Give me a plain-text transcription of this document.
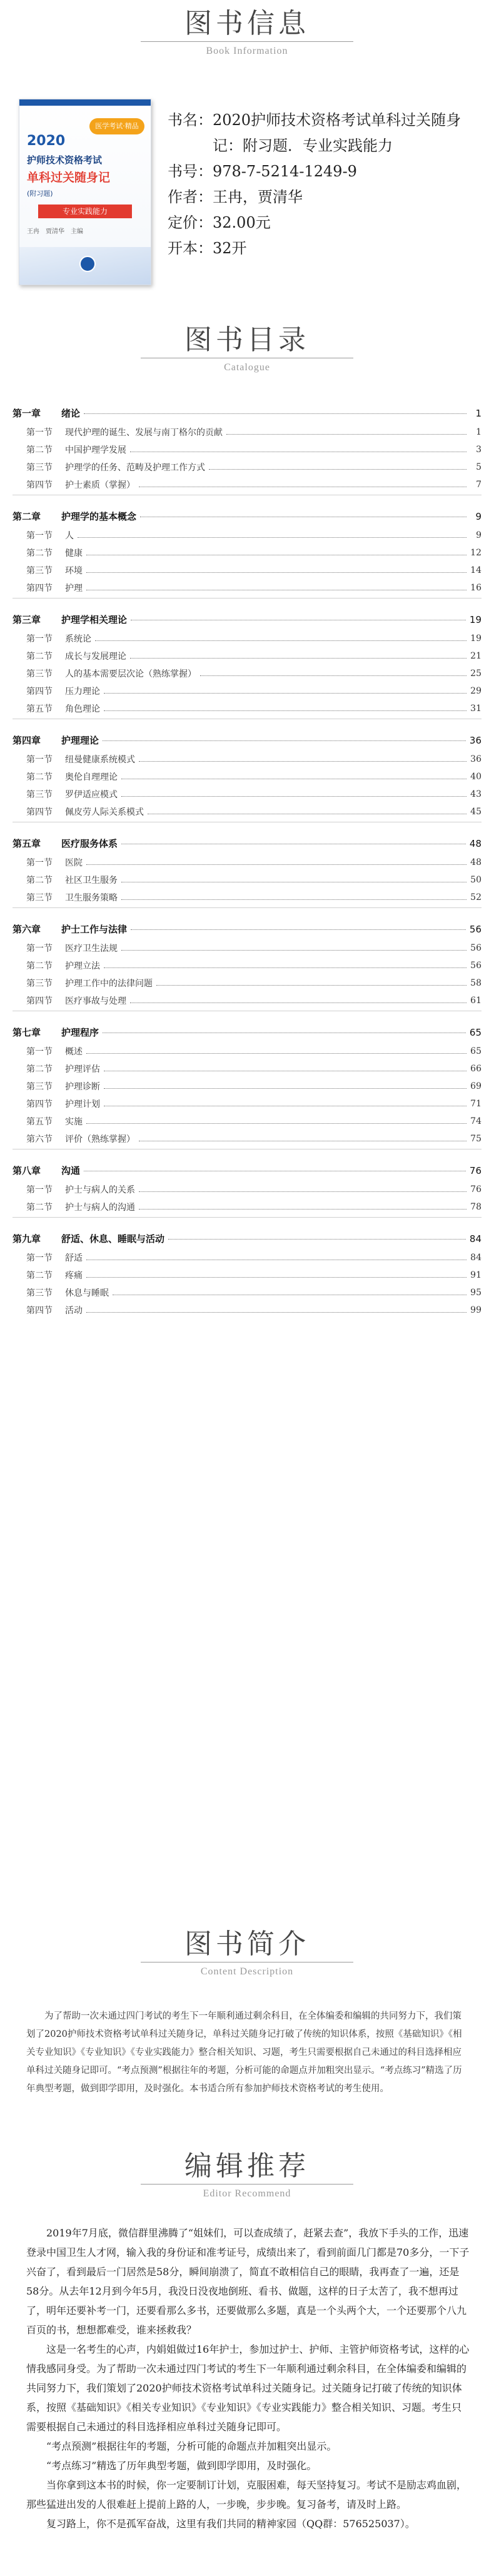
图书信息
Book Information
医学考试·精品
2020
护师技术资格考试
单科过关随身记
(附习题)
专业实践能力
王冉　贾清华　主编
书名： 2020护师技术资格考试单科过关随身记：附习题．专业实践能力
书号： 978-7-5214-1249-9
作者： 王冉，贾清华
定价： 32.00元
开本： 32开
图书目录
Catalogue
第一章	绪论	1
第一节	现代护理的诞生、发展与南丁格尔的贡献	1
第二节	中国护理学发展	3
第三节	护理学的任务、范畴及护理工作方式	5
第四节	护士素质（掌握）	7
第二章	护理学的基本概念	9
第一节	人	9
第二节	健康	12
第三节	环境	14
第四节	护理	16
第三章	护理学相关理论	19
第一节	系统论	19
第二节	成长与发展理论	21
第三节	人的基本需要层次论（熟练掌握）	25
第四节	压力理论	29
第五节	角色理论	31
第四章	护理理论	36
第一节	纽曼健康系统模式	36
第二节	奥伦自理理论	40
第三节	罗伊适应模式	43
第四节	佩皮劳人际关系模式	45
第五章	医疗服务体系	48
第一节	医院	48
第二节	社区卫生服务	50
第三节	卫生服务策略	52
第六章	护士工作与法律	56
第一节	医疗卫生法规	56
第二节	护理立法	56
第三节	护理工作中的法律问题	58
第四节	医疗事故与处理	61
第七章	护理程序	65
第一节	概述	65
第二节	护理评估	66
第三节	护理诊断	69
第四节	护理计划	71
第五节	实施	74
第六节	评价（熟练掌握）	75
第八章	沟通	76
第一节	护士与病人的关系	76
第二节	护士与病人的沟通	78
第九章	舒适、休息、睡眠与活动	84
第一节	舒适	84
第二节	疼痛	91
第三节	休息与睡眠	95
第四节	活动	99
图书简介
Content Description

为了帮助一次未通过四门考试的考生下一年顺利通过剩余科目，在全体编委和编辑的共同努力下，我们策划了2020护师技术资格考试单科过关随身记，单科过关随身记打破了传统的知识体系，按照《基础知识》《相关专业知识》《专业知识》《专业实践能力》整合相关知识、习题，考生只需要根据自己未通过的科目选择相应单科过关随身记即可。“考点预测”根据往年的考题，分析可能的命题点并加粗突出显示。“考点练习”精选了历年典型考题，做到即学即用，及时强化。本书适合所有参加护师技术资格考试的考生使用。

编辑推荐
Editor Recommend

2019年7月底，微信群里沸腾了“姐妹们，可以查成绩了，赶紧去查”，我放下手头的工作，迅速登录中国卫生人才网，输入我的身份证和准考证号，成绩出来了，看到前面几门都是70多分，一下子兴奋了，看到最后一门居然是58分，瞬间崩溃了，简直不敢相信自己的眼睛，我再查了一遍，还是58分。从去年12月到今年5月，我没日没夜地倒班、看书、做题，这样的日子太苦了，我不想再过了，明年还要补考一门，还要看那么多书，还要做那么多题，真是一个头两个大，一个还要那个八九百页的书，想想都难受，谁来拯救我？

这是一名考生的心声，内娟姐做过16年护士，参加过护士、护师、主管护师资格考试，这样的心情我感同身受。为了帮助一次未通过四门考试的考生下一年顺利通过剩余科目，在全体编委和编辑的共同努力下，我们策划了2020护师技术资格考试单科过关随身记。过关随身记打破了传统的知识体系，按照《基础知识》《相关专业知识》《专业知识》《专业实践能力》整合相关知识、习题。考生只需要根据自己未通过的科目选择相应单科过关随身记即可。

“考点预测”根据往年的考题，分析可能的命题点并加粗突出显示。

“考点练习”精选了历年典型考题，做到即学即用，及时强化。

当你拿到这本书的时候，你一定要制订计划，克服困难，每天坚持复习。考试不是励志鸡血剧，那些猛进出发的人很难赶上提前上路的人，一步晚，步步晚。复习备考，请及时上路。

复习路上，你不是孤军奋战，这里有我们共同的精神家园（QQ群：576525037）。
